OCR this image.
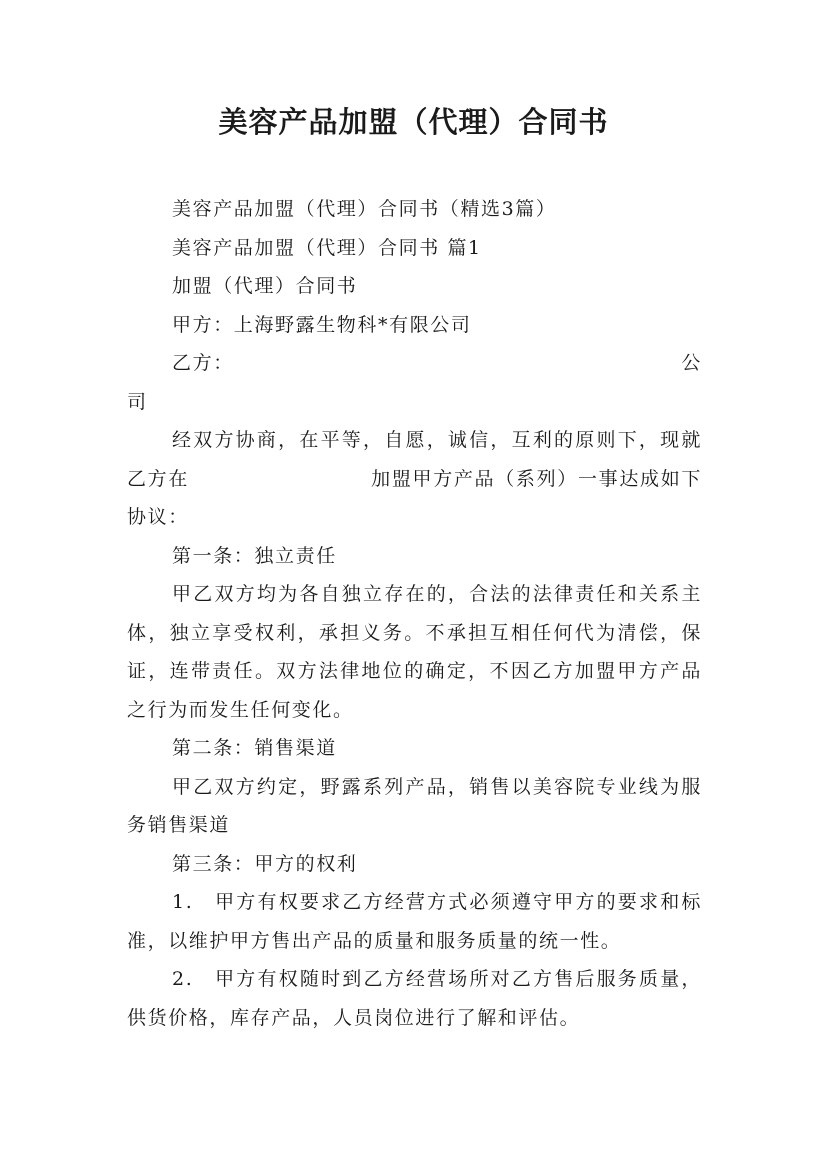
美容产品加盟（代理）合同书

美容产品加盟（代理）合同书（精选3篇）

美容产品加盟（代理）合同书 篇1

加盟（代理）合同书

甲方：上海野露生物科*有限公司

乙方：	公

司

经双方协商，在平等，自愿，诚信，互利的原则下，现就乙方在	加盟甲方产品（系列）一事达成如下协议：

第一条：独立责任

甲乙双方均为各自独立存在的，合法的法律责任和关系主体，独立享受权利，承担义务。不承担互相任何代为清偿，保证，连带责任。双方法律地位的确定，不因乙方加盟甲方产品之行为而发生任何变化。

第二条：销售渠道

甲乙双方约定，野露系列产品，销售以美容院专业线为服务销售渠道

第三条：甲方的权利

1.　甲方有权要求乙方经营方式必须遵守甲方的要求和标准，以维护甲方售出产品的质量和服务质量的统一性。

2.　甲方有权随时到乙方经营场所对乙方售后服务质量，供货价格，库存产品，人员岗位进行了解和评估。
